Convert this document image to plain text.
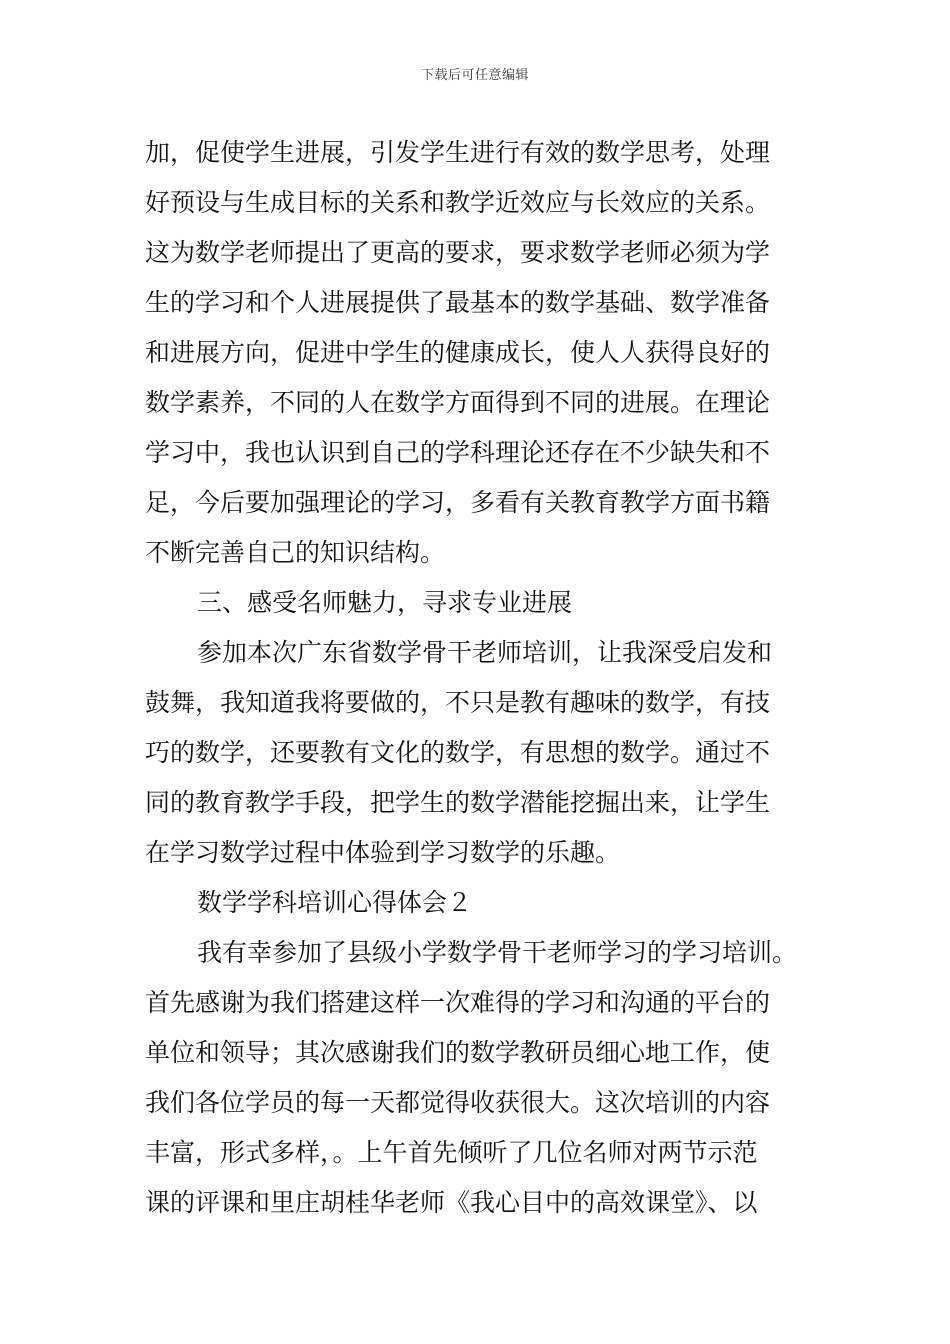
下载后可任意编辑
加，促使学生进展，引发学生进行有效的数学思考，处理
好预设与生成目标的关系和教学近效应与长效应的关系。
这为数学老师提出了更高的要求，要求数学老师必须为学
生的学习和个人进展提供了最基本的数学基础、数学准备
和进展方向，促进中学生的健康成长，使人人获得良好的
数学素养，不同的人在数学方面得到不同的进展。在理论
学习中，我也认识到自己的学科理论还存在不少缺失和不
足，今后要加强理论的学习，多看有关教育教学方面书籍
不断完善自己的知识结构。
三、感受名师魅力，寻求专业进展
参加本次广东省数学骨干老师培训，让我深受启发和
鼓舞，我知道我将要做的，不只是教有趣味的数学，有技
巧的数学，还要教有文化的数学，有思想的数学。通过不
同的教育教学手段，把学生的数学潜能挖掘出来，让学生
在学习数学过程中体验到学习数学的乐趣。
数学学科培训心得体会２
我有幸参加了县级小学数学骨干老师学习的学习培训。
首先感谢为我们搭建这样一次难得的学习和沟通的平台的
单位和领导；其次感谢我们的数学教研员细心地工作，使
我们各位学员的每一天都觉得收获很大。这次培训的内容
丰富，形式多样，。上午首先倾听了几位名师对两节示范
课的评课和里庄胡桂华老师《我心目中的高效课堂》、以
